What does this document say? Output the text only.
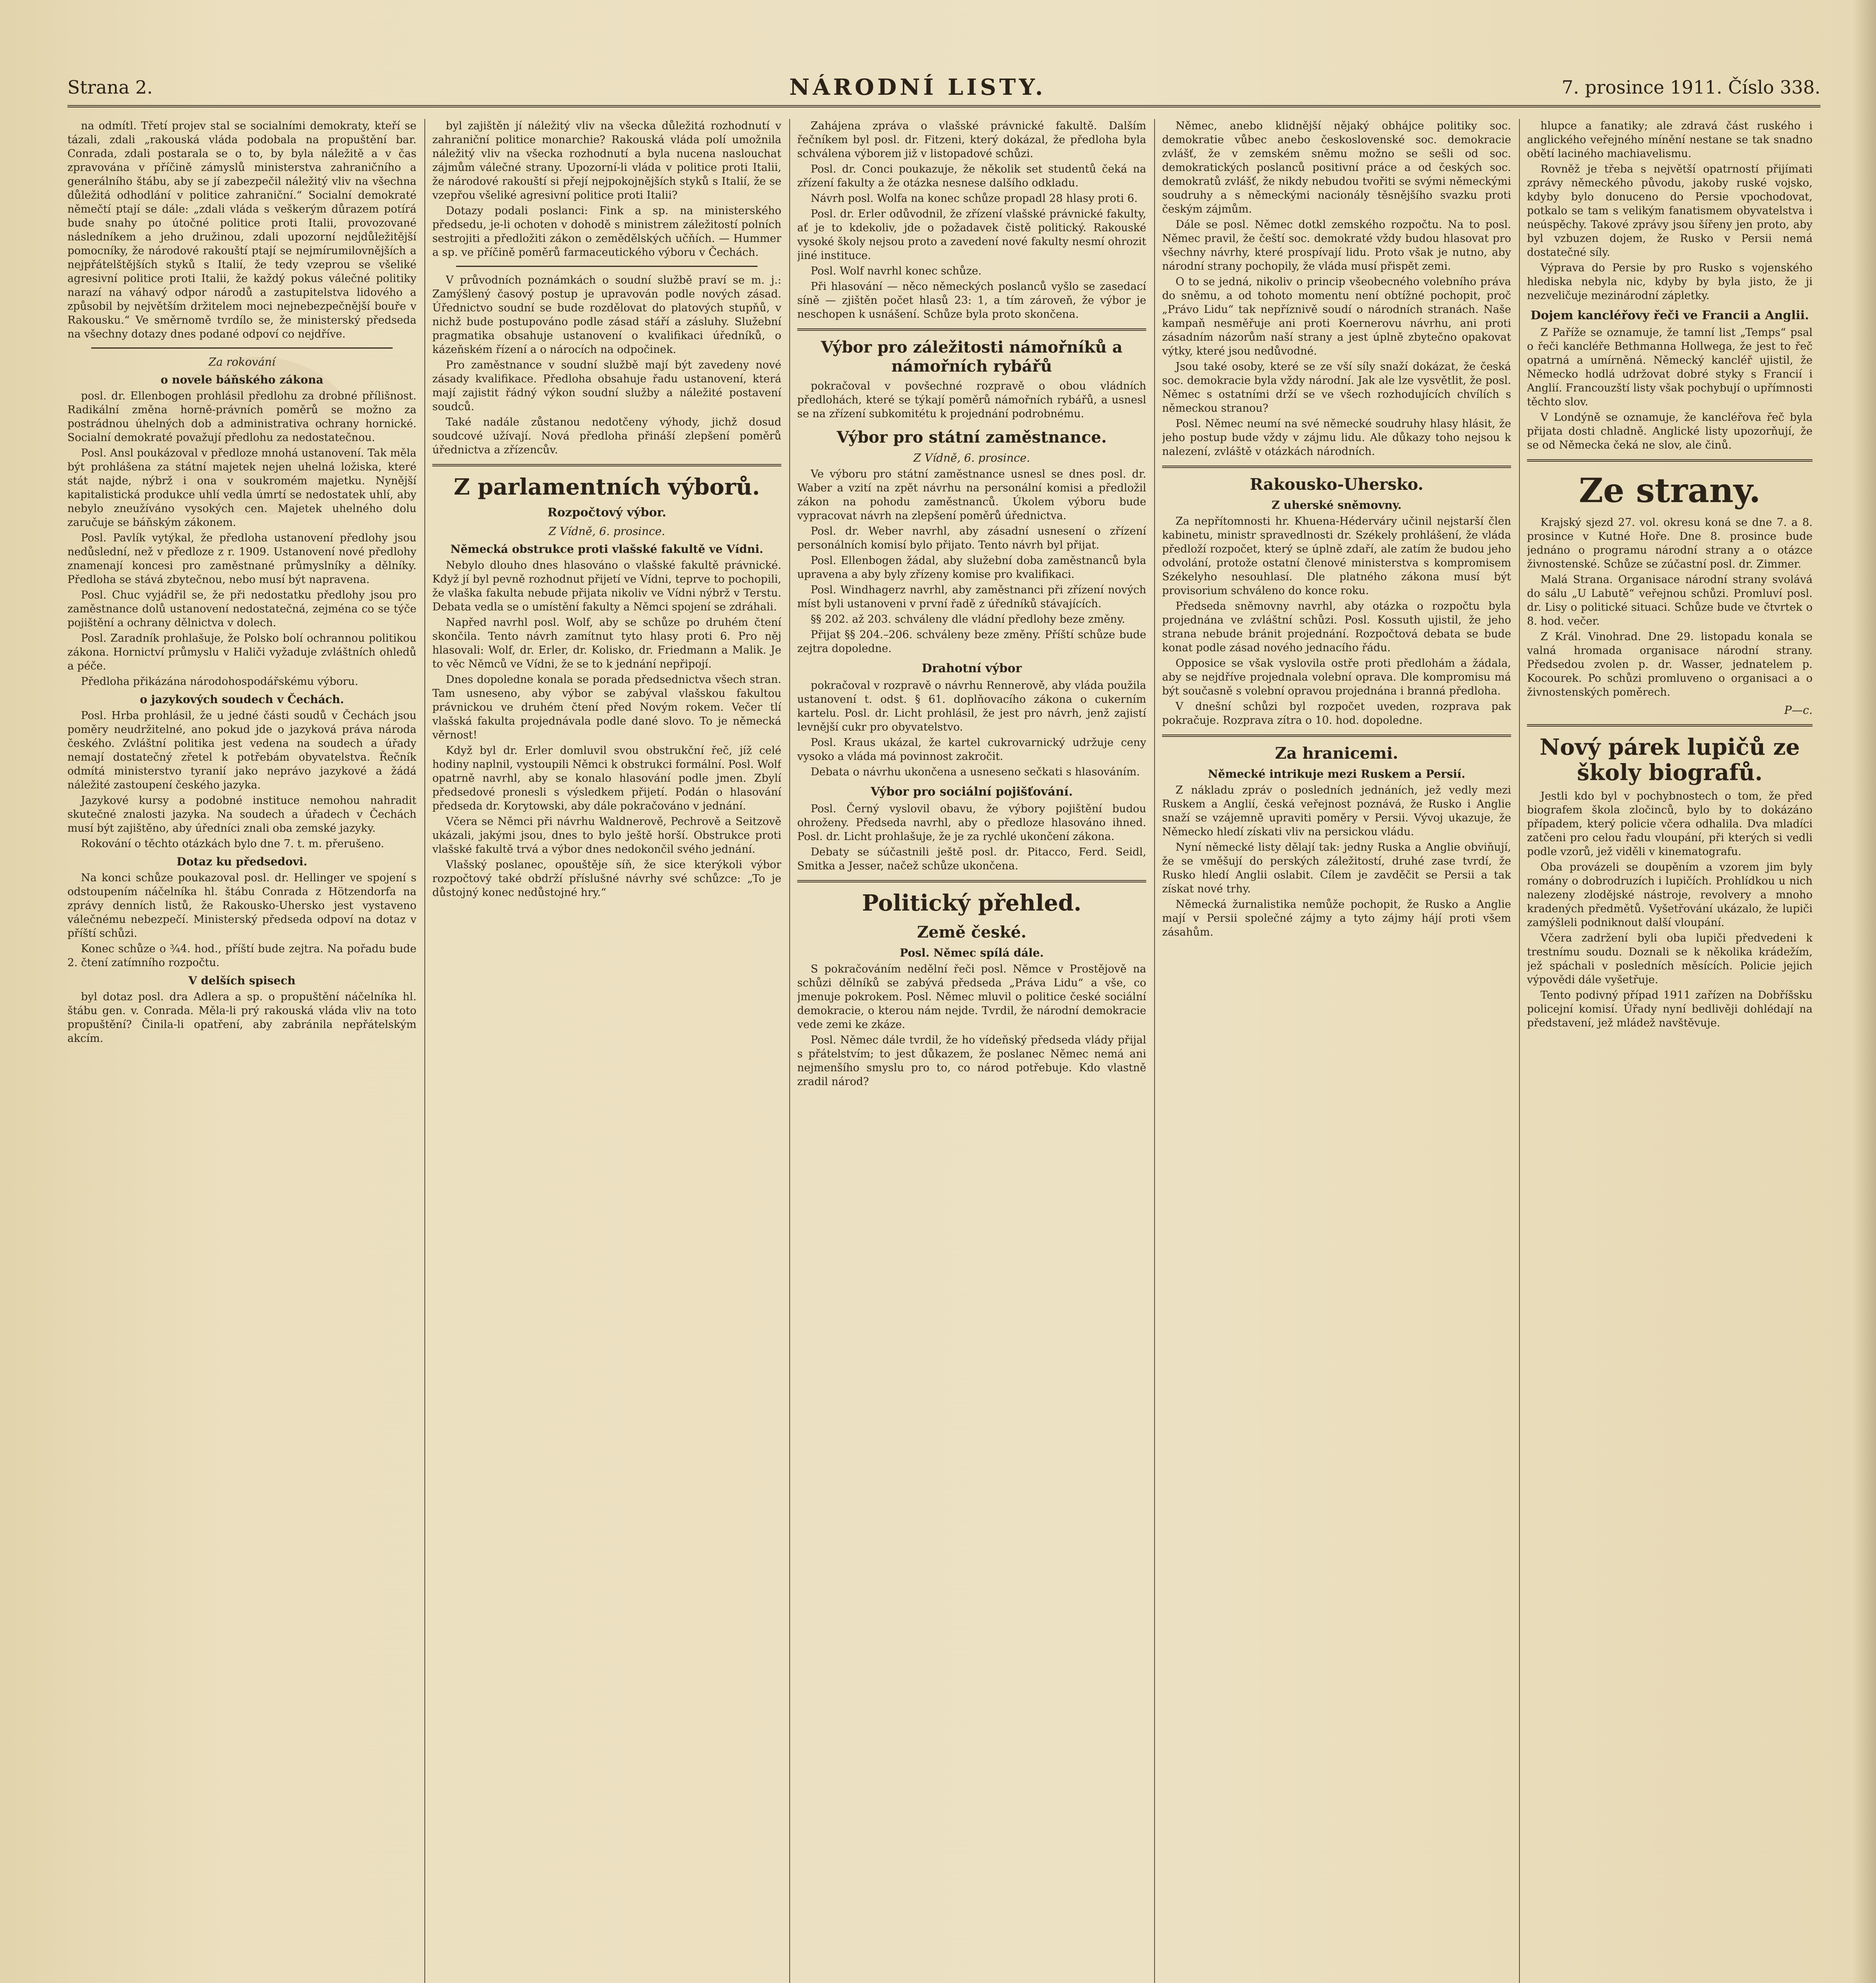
Strana 2.	NÁRODNÍ LISTY.	7. prosince 1911. Číslo 338.

na odmítl. Třetí projev stal se socialními demokraty, kteří se tázali, zdali „rakouská vláda podobala na propuštění bar. Conrada, zdali postarala se o to, by byla náležitě a v čas zpravována v příčině zámyslů ministerstva zahraničního a generálního štábu, aby se jí zabezpečil náležitý vliv na všechna důležitá odhodlání v politice zahraniční.“ Socialní demokraté němečtí ptají se dále: „zdali vláda s veškerým důrazem potírá bude snahy po útočné politice proti Italii, provozované následníkem a jeho družinou, zdali upozorní nejdůležitější pomocníky, že národové rakouští ptají se nejmírumilovnějších a nejpřátelštějších styků s Italií, že tedy vzeprou se všeliké agresivní politice proti Italii, že každý pokus válečné politiky narazí na váhavý odpor národů a zastupitelstva lidového a způsobil by největším držitelem moci nejnebezpečnější bouře v Rakousku.“ Ve směrnomě tvrdílo se, že ministerský předseda na všechny dotazy dnes podané odpoví co nejdříve.

Za rokování
o novele báňského zákona

posl. dr. Ellenbogen prohlásil předlohu za drobné přílišnost. Radikální změna horně-právních poměrů se možno za postrádnou úhelných dob a administrativa ochrany hornické. Socialní demokraté považují předlohu za nedostatečnou.

Posl. Ansl poukázoval v předloze mnohá ustanovení. Tak měla být prohlášena za státní majetek nejen uhelná ložiska, které stát najde, nýbrž i ona v soukromém majetku. Nynější kapitalistická produkce uhlí vedla úmrtí se nedostatek uhlí, aby nebylo zneužíváno vysokých cen. Majetek uhelného dolu zaručuje se báňským zákonem.

Posl. Pavlík vytýkal, že předloha ustanovení předlohy jsou nedůslední, než v předloze z r. 1909. Ustanovení nové předlohy znamenají koncesi pro zaměstnané průmyslníky a dělníky. Předloha se stává zbytečnou, nebo musí být napravena.

Posl. Chuc vyjádřil se, že při nedostatku předlohy jsou pro zaměstnance dolů ustanovení nedostatečná, zejména co se týče pojištění a ochrany dělnictva v dolech.

Posl. Zaradník prohlašuje, že Polsko bolí ochrannou politikou zákona. Hornictví průmyslu v Haliči vyžaduje zvláštních ohledů a péče.

Předloha přikázána národohospodářskému výboru.

o jazykových soudech v Čechách.

Posl. Hrba prohlásil, že u jedné části soudů v Čechách jsou poměry neudržitelné, ano pokud jde o jazyková práva národa českého. Zvláštní politika jest vedena na soudech a úřady nemají dostatečný zřetel k potřebám obyvatelstva. Řečník odmítá ministerstvo tyranií jako neprávo jazykové a žádá náležité zastoupení českého jazyka.

Jazykové kursy a podobné instituce nemohou nahradit skutečné znalosti jazyka. Na soudech a úřadech v Čechách musí být zajištěno, aby úředníci znali oba zemské jazyky.

Rokování o těchto otázkách bylo dne 7. t. m. přerušeno.

Dotaz ku předsedovi.

Na konci schůze poukazoval posl. dr. Hellinger ve spojení s odstoupením náčelníka hl. štábu Conrada z Hötzendorfa na zprávy denních listů, že Rakousko-Uhersko jest vystaveno válečnému nebezpečí. Ministerský předseda odpoví na dotaz v příští schůzi.

Konec schůze o ¾4. hod., příští bude zejtra. Na pořadu bude 2. čtení zatímního rozpočtu.

V delších spisech

byl dotaz posl. dra Adlera a sp. o propuštění náčelníka hl. štábu gen. v. Conrada. Měla-li prý rakouská vláda vliv na toto propuštění? Činila-li opatření, aby zabránila nepřátelským akcím.

byl zajištěn jí náležitý vliv na všecka důležitá rozhodnutí v zahraniční politice monarchie? Rakouská vláda polí umožnila náležitý vliv na všecka rozhodnutí a byla nucena naslouchat zájmům válečné strany. Upozorní-li vláda v politice proti Italii, že národové rakouští si přejí nejpokojnějších styků s Italií, že se vzepřou všeliké agresivní politice proti Italii?

Dotazy podali poslanci: Fink a sp. na ministerského předsedu, je-li ochoten v dohodě s ministrem záležitostí polních sestrojiti a předložiti zákon o zemědělských učňích. — Hummer a sp. ve příčině poměrů farmaceutického výboru v Čechách.

V průvodních poznámkách o soudní službě praví se m. j.: Zamýšlený časový postup je upravován podle nových zásad. Úřednictvo soudní se bude rozdělovat do platových stupňů, v nichž bude postupováno podle zásad stáří a zásluhy. Služební pragmatika obsahuje ustanovení o kvalifikaci úředníků, o kázeňském řízení a o nárocích na odpočinek.

Pro zaměstnance v soudní službě mají být zavedeny nové zásady kvalifikace. Předloha obsahuje řadu ustanovení, která mají zajistit řádný výkon soudní služby a náležité postavení soudců.

Také nadále zůstanou nedotčeny výhody, jichž dosud soudcové užívají. Nová předloha přináší zlepšení poměrů úřednictva a zřízencův.

Z parlamentních výborů.
Rozpočtový výbor.
Z Vídně, 6. prosince.
Německá obstrukce proti vlašské fakultě ve Vídni.

Nebylo dlouho dnes hlasováno o vlašské fakultě právnické. Když jí byl pevně rozhodnut přijetí ve Vídni, teprve to pochopili, že vlaška fakulta nebude přijata nikoliv ve Vídni nýbrž v Terstu. Debata vedla se o umístění fakulty a Němci spojení se zdráhali.

Napřed navrhl posl. Wolf, aby se schůze po druhém čtení skončila. Tento návrh zamítnut tyto hlasy proti 6. Pro něj hlasovali: Wolf, dr. Erler, dr. Kolisko, dr. Friedmann a Malik. Je to věc Němců ve Vídni, že se to k jednání nepřipojí.

Dnes dopoledne konala se porada předsednictva všech stran. Tam usneseno, aby výbor se zabýval vlašskou fakultou právnickou ve druhém čtení před Novým rokem. Večer tlí vlašská fakulta projednávala podle dané slovo. To je německá věrnost!

Když byl dr. Erler domluvil svou obstrukční řeč, jíž celé hodiny naplnil, vystoupili Němci k obstrukci formální. Posl. Wolf opatrně navrhl, aby se konalo hlasování podle jmen. Zbylí předsedové pronesli s výsledkem přijetí. Podán o hlasování předseda dr. Korytowski, aby dále pokračováno v jednání.

Včera se Němci při návrhu Waldnerově, Pechrově a Seitzově ukázali, jakými jsou, dnes to bylo ještě horší. Obstrukce proti vlašské fakultě trvá a výbor dnes nedokončil svého jednání.

Vlašský poslanec, opouštěje síň, že sice kterýkoli výbor rozpočtový také obdrží příslušné návrhy své schůzce: „To je důstojný konec nedůstojné hry.“

Zahájena zpráva o vlašské právnické fakultě. Dalším řečníkem byl posl. dr. Fitzeni, který dokázal, že předloha byla schválena výborem již v listopadové schůzi.

Posl. dr. Conci poukazuje, že několik set studentů čeká na zřízení fakulty a že otázka nesnese dalšího odkladu.

Návrh posl. Wolfa na konec schůze propadl 28 hlasy proti 6.

Posl. dr. Erler odůvodnil, že zřízení vlašské právnické fakulty, ať je to kdekoliv, jde o požadavek čistě politický. Rakouské vysoké školy nejsou proto a zavedení nové fakulty nesmí ohrozit jiné instituce.

Posl. Wolf navrhl konec schůze.

Při hlasování — něco německých poslanců vyšlo se zasedací síně — zjištěn počet hlasů 23: 1, a tím zároveň, že výbor je neschopen k usnášení. Schůze byla proto skončena.

Výbor pro záležitosti námořníků a námořních rybářů

pokračoval v povšechné rozpravě o obou vládních předlohách, které se týkají poměrů námořních rybářů, a usnesl se na zřízení subkomitétu k projednání podrobnému.

Výbor pro státní zaměstnance.
Z Vídně, 6. prosince.

Ve výboru pro státní zaměstnance usnesl se dnes posl. dr. Waber a vzití na zpět návrhu na personální komisi a předložil zákon na pohodu zaměstnanců. Úkolem výboru bude vypracovat návrh na zlepšení poměrů úřednictva.

Posl. dr. Weber navrhl, aby zásadní usnesení o zřízení personálních komisí bylo přijato. Tento návrh byl přijat.

Posl. Ellenbogen žádal, aby služební doba zaměstnanců byla upravena a aby byly zřízeny komise pro kvalifikaci.

Posl. Windhagerz navrhl, aby zaměstnanci při zřízení nových míst byli ustanoveni v první řadě z úředníků stávajících.

§§ 202. až 203. schváleny dle vládní předlohy beze změny.

Přijat §§ 204.–206. schváleny beze změny. Příští schůze bude zejtra dopoledne.

Drahotní výbor

pokračoval v rozpravě o návrhu Rennerově, aby vláda použila ustanovení t. odst. § 61. doplňovacího zákona o cukerním kartelu. Posl. dr. Licht prohlásil, že jest pro návrh, jenž zajistí levnější cukr pro obyvatelstvo.

Posl. Kraus ukázal, že kartel cukrovarnický udržuje ceny vysoko a vláda má povinnost zakročit.

Debata o návrhu ukončena a usneseno sečkati s hlasováním.

Výbor pro sociální pojišťování.

Posl. Černý vyslovil obavu, že výbory pojištění budou ohroženy. Předseda navrhl, aby o předloze hlasováno ihned. Posl. dr. Licht prohlašuje, že je za rychlé ukončení zákona.

Debaty se súčastnili ještě posl. dr. Pitacco, Ferd. Seidl, Smitka a Jesser, načež schůze ukončena.

Politický přehled.
Země české.
Posl. Němec spílá dále.

S pokračováním nedělní řeči posl. Němce v Prostějově na schůzi dělníků se zabývá předseda „Práva Lidu“ a vše, co jmenuje pokrokem. Posl. Němec mluvil o politice české sociální demokracie, o kterou nám nejde. Tvrdil, že národní demokracie vede zemi ke zkáze.

Posl. Němec dále tvrdil, že ho vídeňský předseda vlády přijal s přátelstvím; to jest důkazem, že poslanec Němec nemá ani nejmenšího smyslu pro to, co národ potřebuje. Kdo vlastně zradil národ?

Němec, anebo klidnější nějaký obhájce politiky soc. demokratie vůbec anebo československé soc. demokracie zvlášť, že v zemském sněmu možno se sešli od soc. demokratických poslanců positivní práce a od českých soc. demokratů zvlášť, že nikdy nebudou tvořiti se svými německými soudruhy a s německými nacionály těsnějšího svazku proti českým zájmům.

Dále se posl. Němec dotkl zemského rozpočtu. Na to posl. Němec pravil, že čeští soc. demokraté vždy budou hlasovat pro všechny návrhy, které prospívají lidu. Proto však je nutno, aby národní strany pochopily, že vláda musí přispět zemi.

O to se jedná, nikoliv o princip všeobecného volebního práva do sněmu, a od tohoto momentu není obtížné pochopit, proč „Právo Lidu“ tak nepříznivě soudí o národních stranách. Naše kampaň nesměřuje ani proti Koernerovu návrhu, ani proti zásadním názorům naší strany a jest úplně zbytečno opakovat výtky, které jsou nedůvodné.

Jsou také osoby, které se ze vší síly snaží dokázat, že česká soc. demokracie byla vždy národní. Jak ale lze vysvětlit, že posl. Němec s ostatními drží se ve všech rozhodujících chvílích s německou stranou?

Posl. Němec neumí na své německé soudruhy hlasy hlásit, že jeho postup bude vždy v zájmu lidu. Ale důkazy toho nejsou k nalezení, zvláště v otázkách národních.

Rakousko-Uhersko.
Z uherské sněmovny.

Za nepřítomnosti hr. Khuena-Héderváry učinil nejstarší člen kabinetu, ministr spravedlnosti dr. Székely prohlášení, že vláda předloží rozpočet, který se úplně zdaří, ale zatím že budou jeho odvolání, protože ostatní členové ministerstva s kompromisem Székelyho nesouhlasí. Dle platného zákona musí být provisorium schváleno do konce roku.

Předseda sněmovny navrhl, aby otázka o rozpočtu byla projednána ve zvláštní schůzi. Posl. Kossuth ujistil, že jeho strana nebude bránit projednání. Rozpočtová debata se bude konat podle zásad nového jednacího řádu.

Opposice se však vyslovila ostře proti předlohám a žádala, aby se nejdříve projednala volební oprava. Dle kompromisu má být současně s volební opravou projednána i branná předloha.

V dnešní schůzi byl rozpočet uveden, rozprava pak pokračuje. Rozprava zítra o 10. hod. dopoledne.

Za hranicemi.
Německé intrikuje mezi Ruskem a Persií.

Z nákladu zpráv o posledních jednáních, jež vedly mezi Ruskem a Anglií, česká veřejnost poznává, že Rusko i Anglie snaží se vzájemně upraviti poměry v Persii. Vývoj ukazuje, že Německo hledí získati vliv na persickou vládu.

Nyní německé listy dělají tak: jedny Ruska a Anglie obviňují, že se vměšují do perských záležitostí, druhé zase tvrdí, že Rusko hledí Anglii oslabit. Cílem je zavděčit se Persii a tak získat nové trhy.

Německá žurnalistika nemůže pochopit, že Rusko a Anglie mají v Persii společné zájmy a tyto zájmy hájí proti všem zásahům.

hlupce a fanatiky; ale zdravá část ruského i anglického veřejného mínění nestane se tak snadno obětí laciného machiavelismu.

Rovněž je třeba s největší opatrností přijímati zprávy německého původu, jakoby ruské vojsko, kdyby bylo donuceno do Persie vpochodovat, potkalo se tam s velikým fanatismem obyvatelstva i neúspěchy. Takové zprávy jsou šířeny jen proto, aby byl vzbuzen dojem, že Rusko v Persii nemá dostatečné síly.

Výprava do Persie by pro Rusko s vojenského hlediska nebyla nic, kdyby by byla jisto, že ji nezveličuje mezinárodní zápletky.

Dojem kancléřovy řeči ve Francii a Anglii.

Z Paříže se oznamuje, že tamní list „Temps“ psal o řeči kancléře Bethmanna Hollwega, že jest to řeč opatrná a umírněná. Německý kancléř ujistil, že Německo hodlá udržovat dobré styky s Francií i Anglií. Francouzští listy však pochybují o upřímnosti těchto slov.

V Londýně se oznamuje, že kancléřova řeč byla přijata dosti chladně. Anglické listy upozorňují, že se od Německa čeká ne slov, ale činů.

Ze strany.

Krajský sjezd 27. vol. okresu koná se dne 7. a 8. prosince v Kutné Hoře. Dne 8. prosince bude jednáno o programu národní strany a o otázce živnostenské. Schůze se zúčastní posl. dr. Zimmer.

Malá Strana. Organisace národní strany svolává do sálu „U Labutě“ veřejnou schůzi. Promluví posl. dr. Lisy o politické situaci. Schůze bude ve čtvrtek o 8. hod. večer.

Z Král. Vinohrad. Dne 29. listopadu konala se valná hromada organisace národní strany. Předsedou zvolen p. dr. Wasser, jednatelem p. Kocourek. Po schůzi promluveno o organisaci a o živnostenských poměrech.

P—c.
Nový párek lupičů ze školy biografů.

Jestli kdo byl v pochybnostech o tom, že před biografem škola zločinců, bylo by to dokázáno případem, který policie včera odhalila. Dva mladíci zatčeni pro celou řadu vloupání, při kterých si vedli podle vzorů, jež viděli v kinematografu.

Oba provázeli se doupěním a vzorem jim byly romány o dobrodruzích i lupičích. Prohlídkou u nich nalezeny zlodějské nástroje, revolvery a mnoho kradených předmětů. Vyšetřování ukázalo, že lupiči zamýšleli podniknout další vloupání.

Včera zadržení byli oba lupiči předvedeni k trestnímu soudu. Doznali se k několika krádežím, jež spáchali v posledních měsících. Policie jejich výpovědi dále vyšetřuje.

Tento podivný případ 1911 zařízen na Dobříšsku policejní komisí. Úřady nyní bedlivěji dohlédají na představení, jež mládež navštěvuje.
